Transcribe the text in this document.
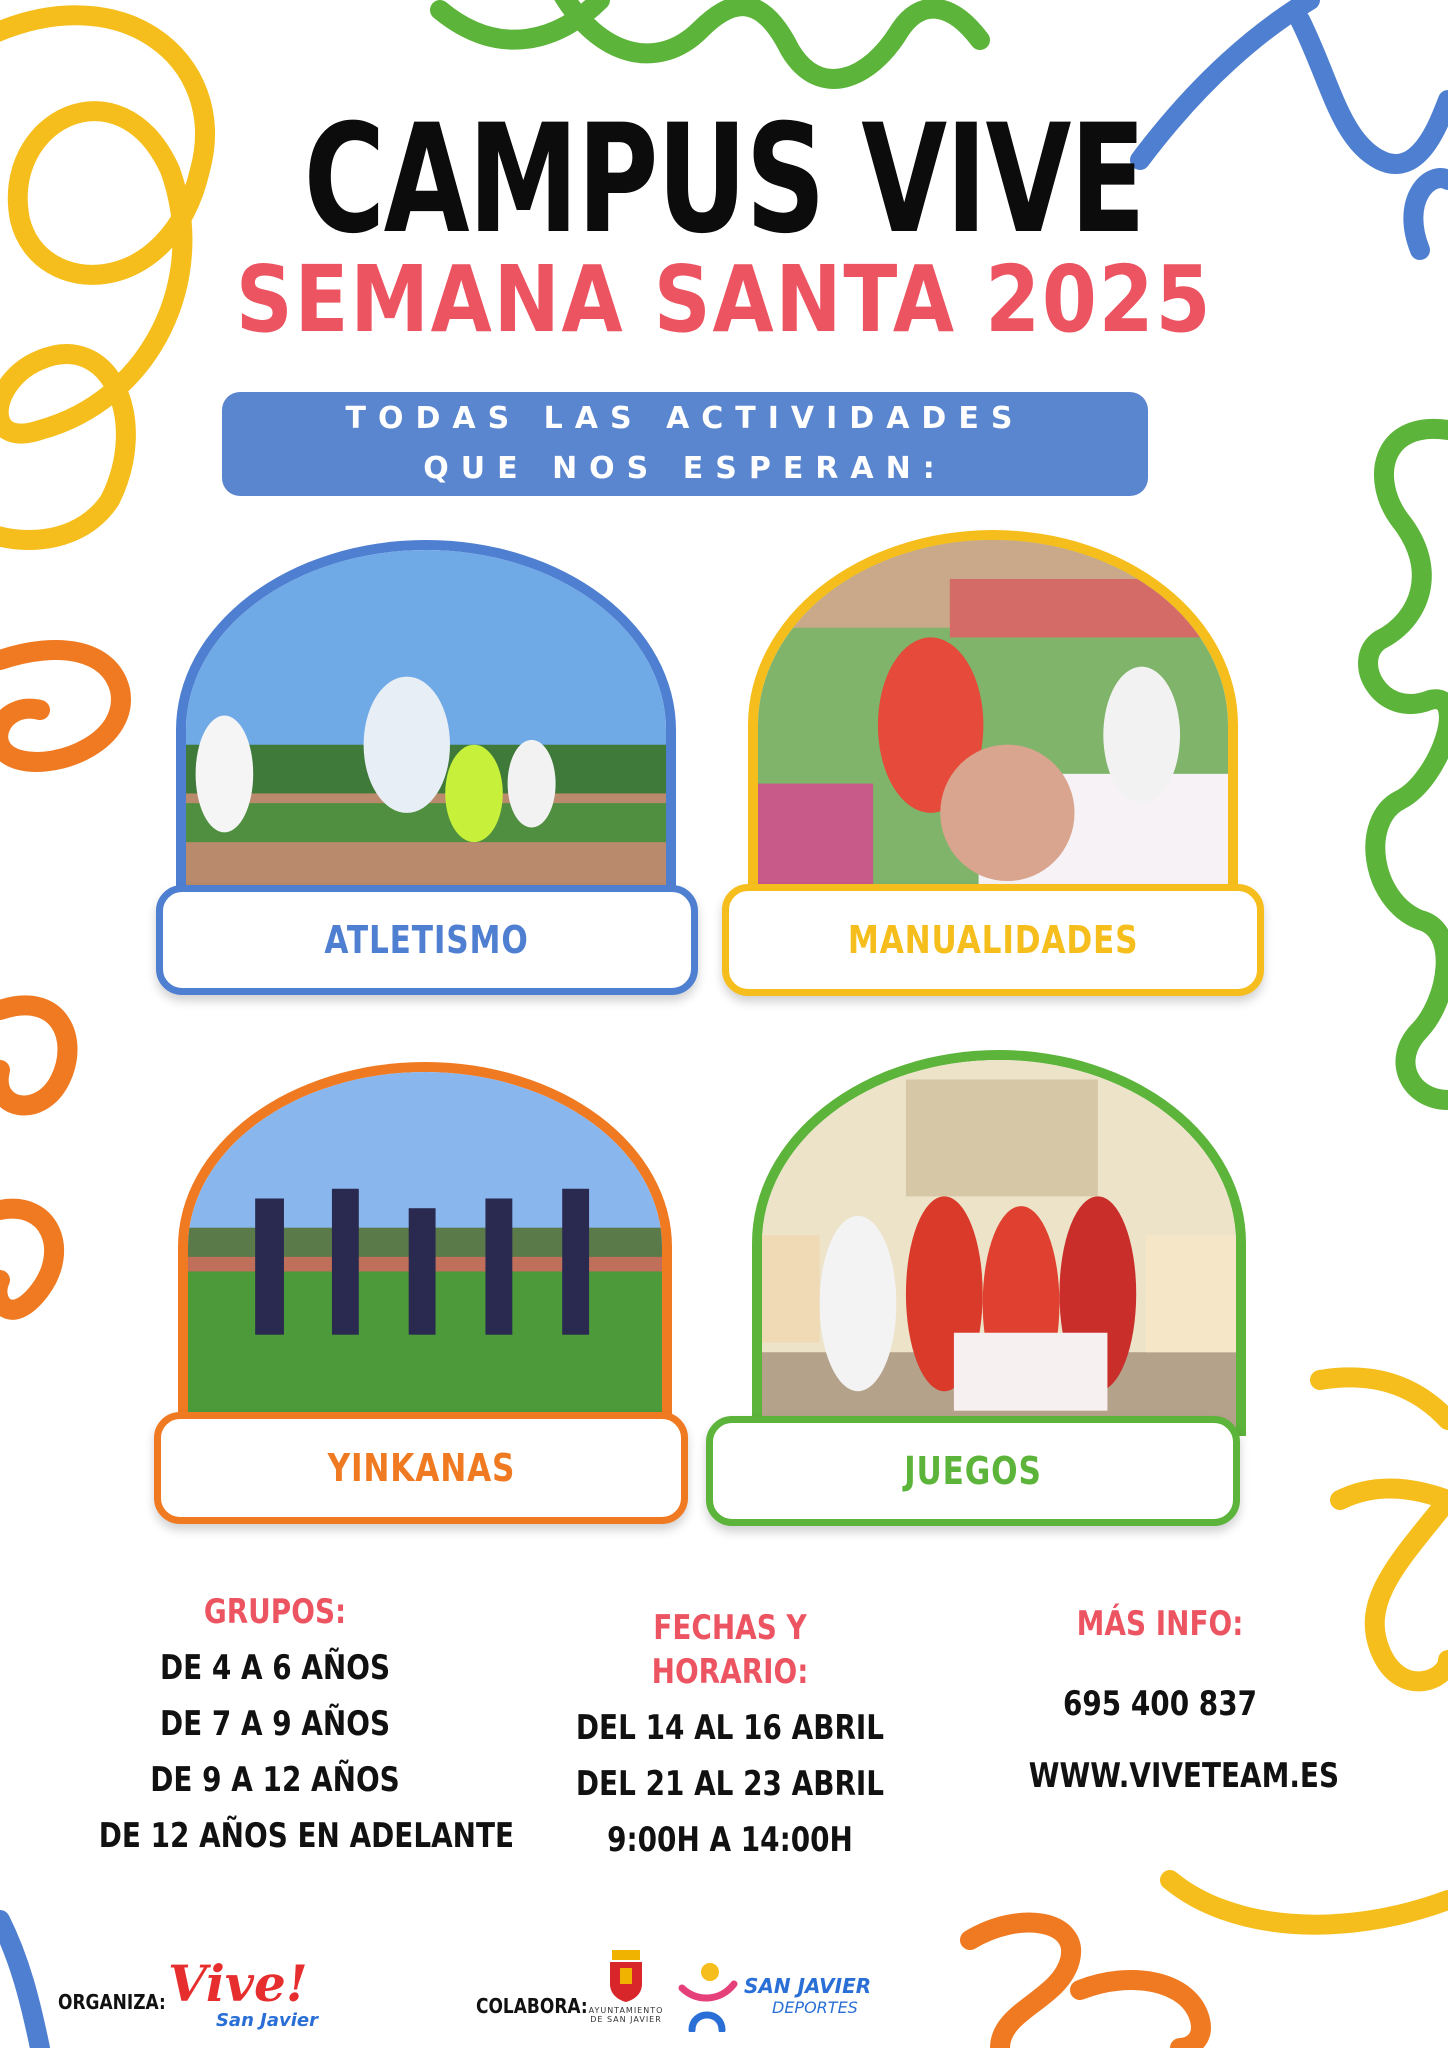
CAMPUS VIVE
SEMANA SANTA 2025
TODAS LAS ACTIVIDADES QUE NOS ESPERAN:
ATLETISMO	MANUALIDADES
YINKANAS	JUEGOS
GRUPOS:
DE 4 A 6 AÑOS
DE 7 A 9 AÑOS
DE 9 A 12 AÑOS
DE 12 AÑOS EN ADELANTE
FECHAS Y HORARIO:
DEL 14 AL 16 ABRIL
DEL 21 AL 23 ABRIL
9:00H A 14:00H
MÁS INFO:
695 400 837
WWW.VIVETEAM.ES
ORGANIZA: Vive!
San Javier
COLABORA: AYUNTAMIENTO DE SAN JAVIER
SAN JAVIER
DEPORTES
